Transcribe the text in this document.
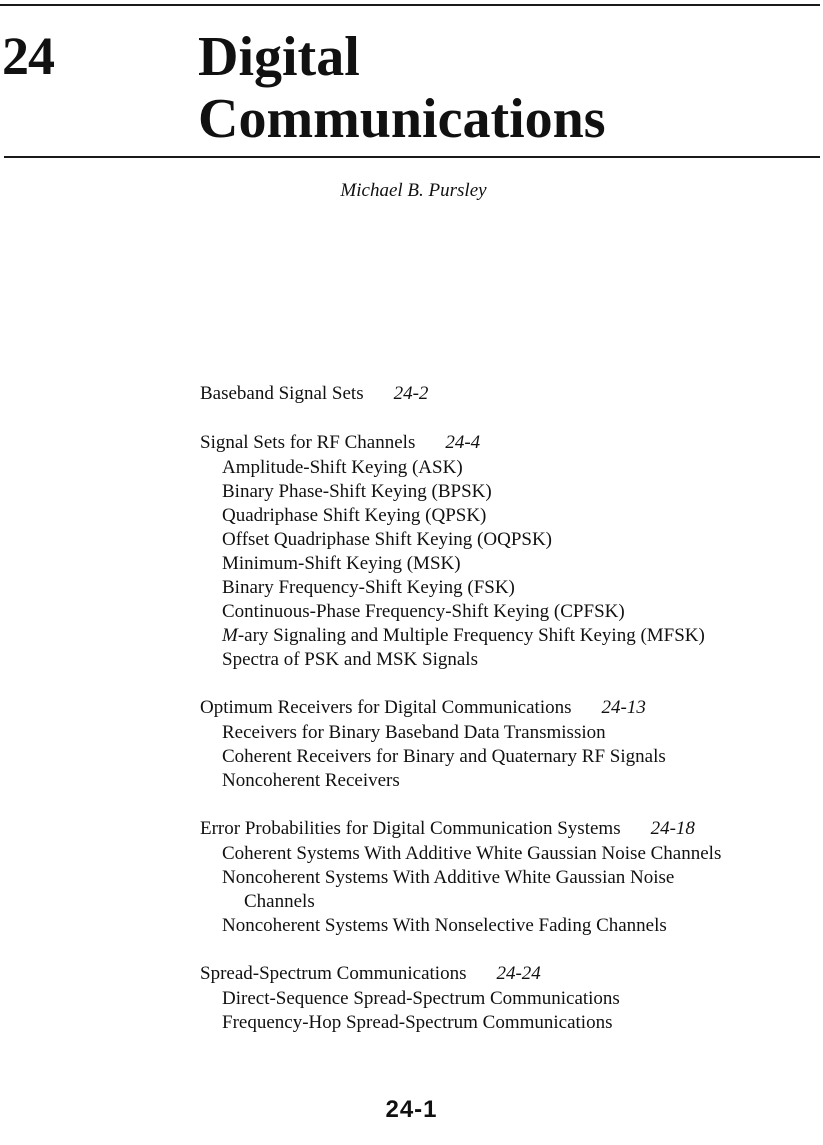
24	Digital
Communications
Michael B. Pursley
Baseband Signal Sets 24-2
Signal Sets for RF Channels 24-4
Amplitude-Shift Keying (ASK)
Binary Phase-Shift Keying (BPSK)
Quadriphase Shift Keying (QPSK)
Offset Quadriphase Shift Keying (OQPSK)
Minimum-Shift Keying (MSK)
Binary Frequency-Shift Keying (FSK)
Continuous-Phase Frequency-Shift Keying (CPFSK)
M-ary Signaling and Multiple Frequency Shift Keying (MFSK)
Spectra of PSK and MSK Signals
Optimum Receivers for Digital Communications 24-13
Receivers for Binary Baseband Data Transmission
Coherent Receivers for Binary and Quaternary RF Signals
Noncoherent Receivers
Error Probabilities for Digital Communication Systems 24-18
Coherent Systems With Additive White Gaussian Noise Channels
Noncoherent Systems With Additive White Gaussian Noise
Channels
Noncoherent Systems With Nonselective Fading Channels
Spread-Spectrum Communications 24-24
Direct-Sequence Spread-Spectrum Communications
Frequency-Hop Spread-Spectrum Communications
24-1
